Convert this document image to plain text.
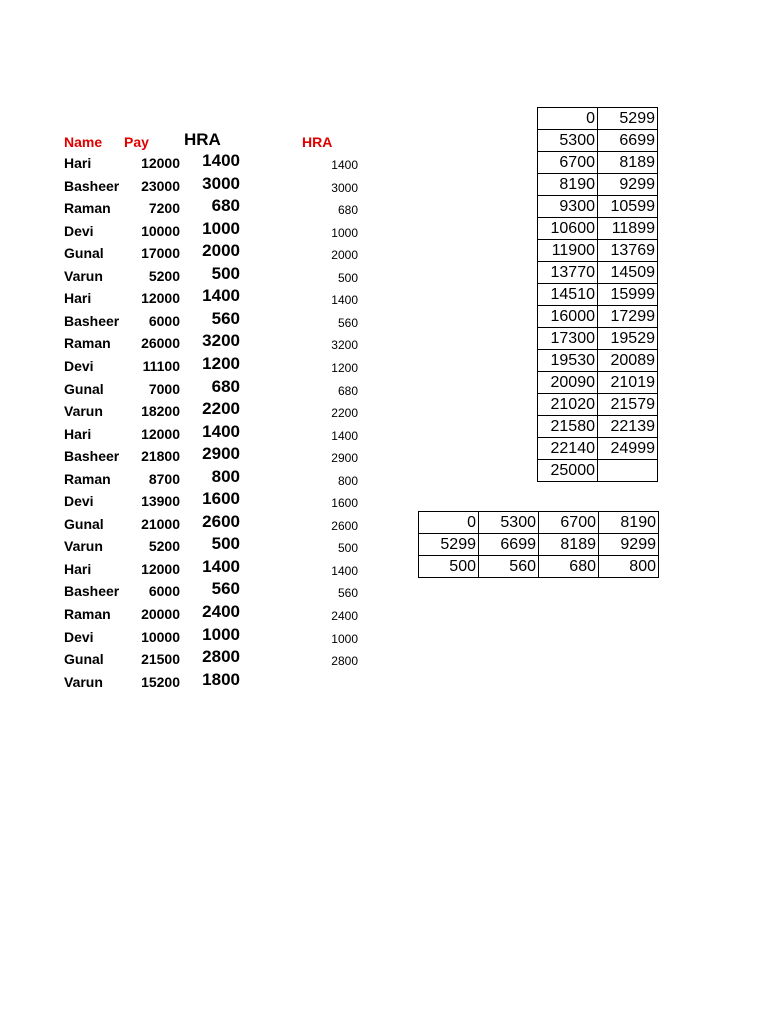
Name Pay HRA	HRA
Hari	12000	1400	1400
Basheer	23000	3000	3000
Raman	7200	680	680
Devi	10000	1000	1000
Gunal	17000	2000	2000
Varun	5200	500	500
Hari	12000	1400	1400
Basheer	6000	560	560
Raman	26000	3200	3200
Devi	11100	1200	1200
Gunal	7000	680	680
Varun	18200	2200	2200
Hari	12000	1400	1400
Basheer	21800	2900	2900
Raman	8700	800	800
Devi	13900	1600	1600
Gunal	21000	2600	2600
Varun	5200	500	500
Hari	12000	1400	1400
Basheer	6000	560	560
Raman	20000	2400	2400
Devi	10000	1000	1000
Gunal	21500	2800	2800
Varun	15200	1800
0	5299
5300	6699
6700	8189
8190	9299
9300	10599
10600	11899
11900	13769
13770	14509
14510	15999
16000	17299
17300	19529
19530	20089
20090	21019
21020	21579
21580	22139
22140	24999
25000	
0	5300	6700	8190
5299	6699	8189	9299
500	560	680	800
